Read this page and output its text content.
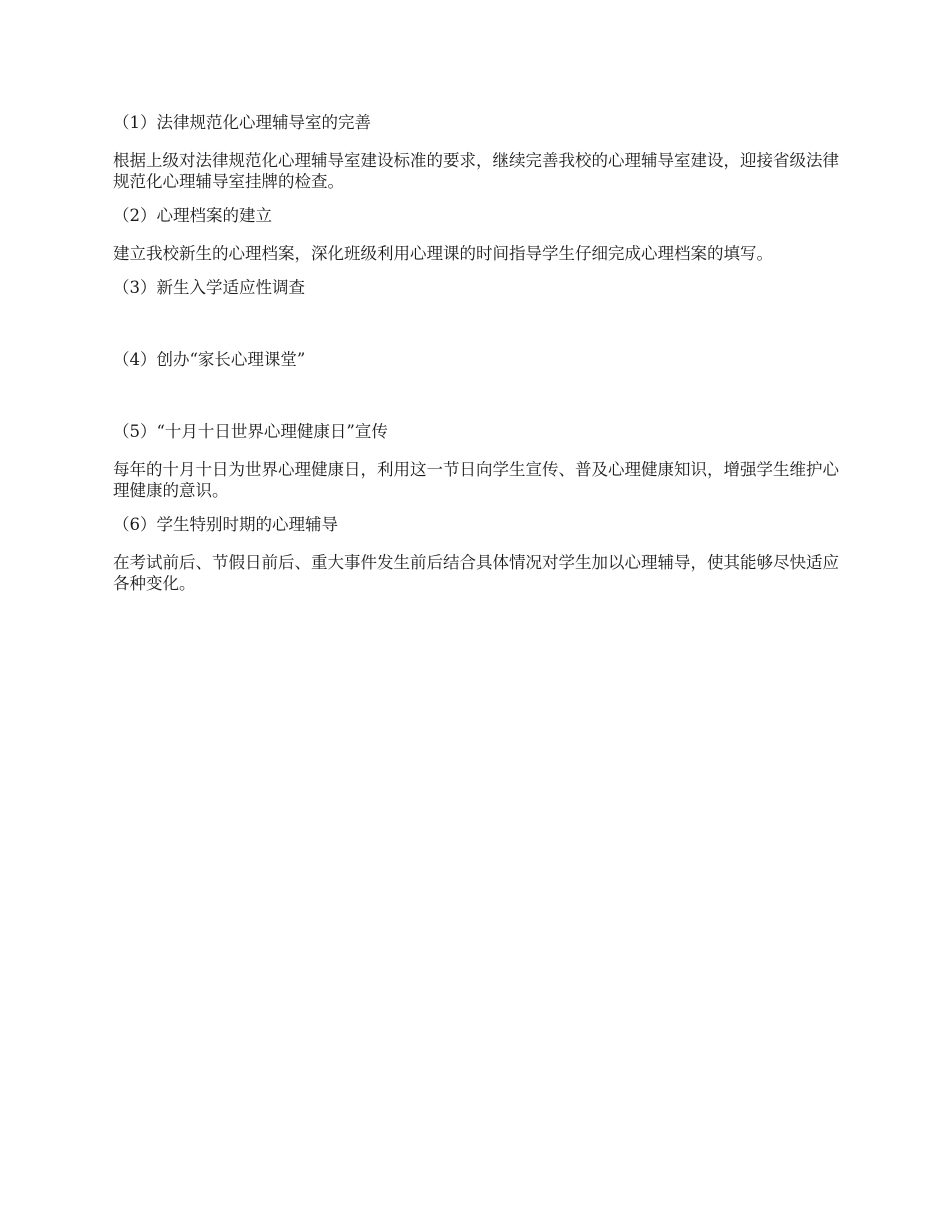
（1）法律规范化心理辅导室的完善

根据上级对法律规范化心理辅导室建设标准的要求，继续完善我校的心理辅导室建设，迎接省级法律规范化心理辅导室挂牌的检查。

（2）心理档案的建立

建立我校新生的心理档案，深化班级利用心理课的时间指导学生仔细完成心理档案的填写。

（3）新生入学适应性调查

（4）创办“家长心理课堂”

（5）“十月十日世界心理健康日”宣传

每年的十月十日为世界心理健康日，利用这一节日向学生宣传、普及心理健康知识，增强学生维护心理健康的意识。

（6）学生特别时期的心理辅导

在考试前后、节假日前后、重大事件发生前后结合具体情况对学生加以心理辅导，使其能够尽快适应各种变化。
